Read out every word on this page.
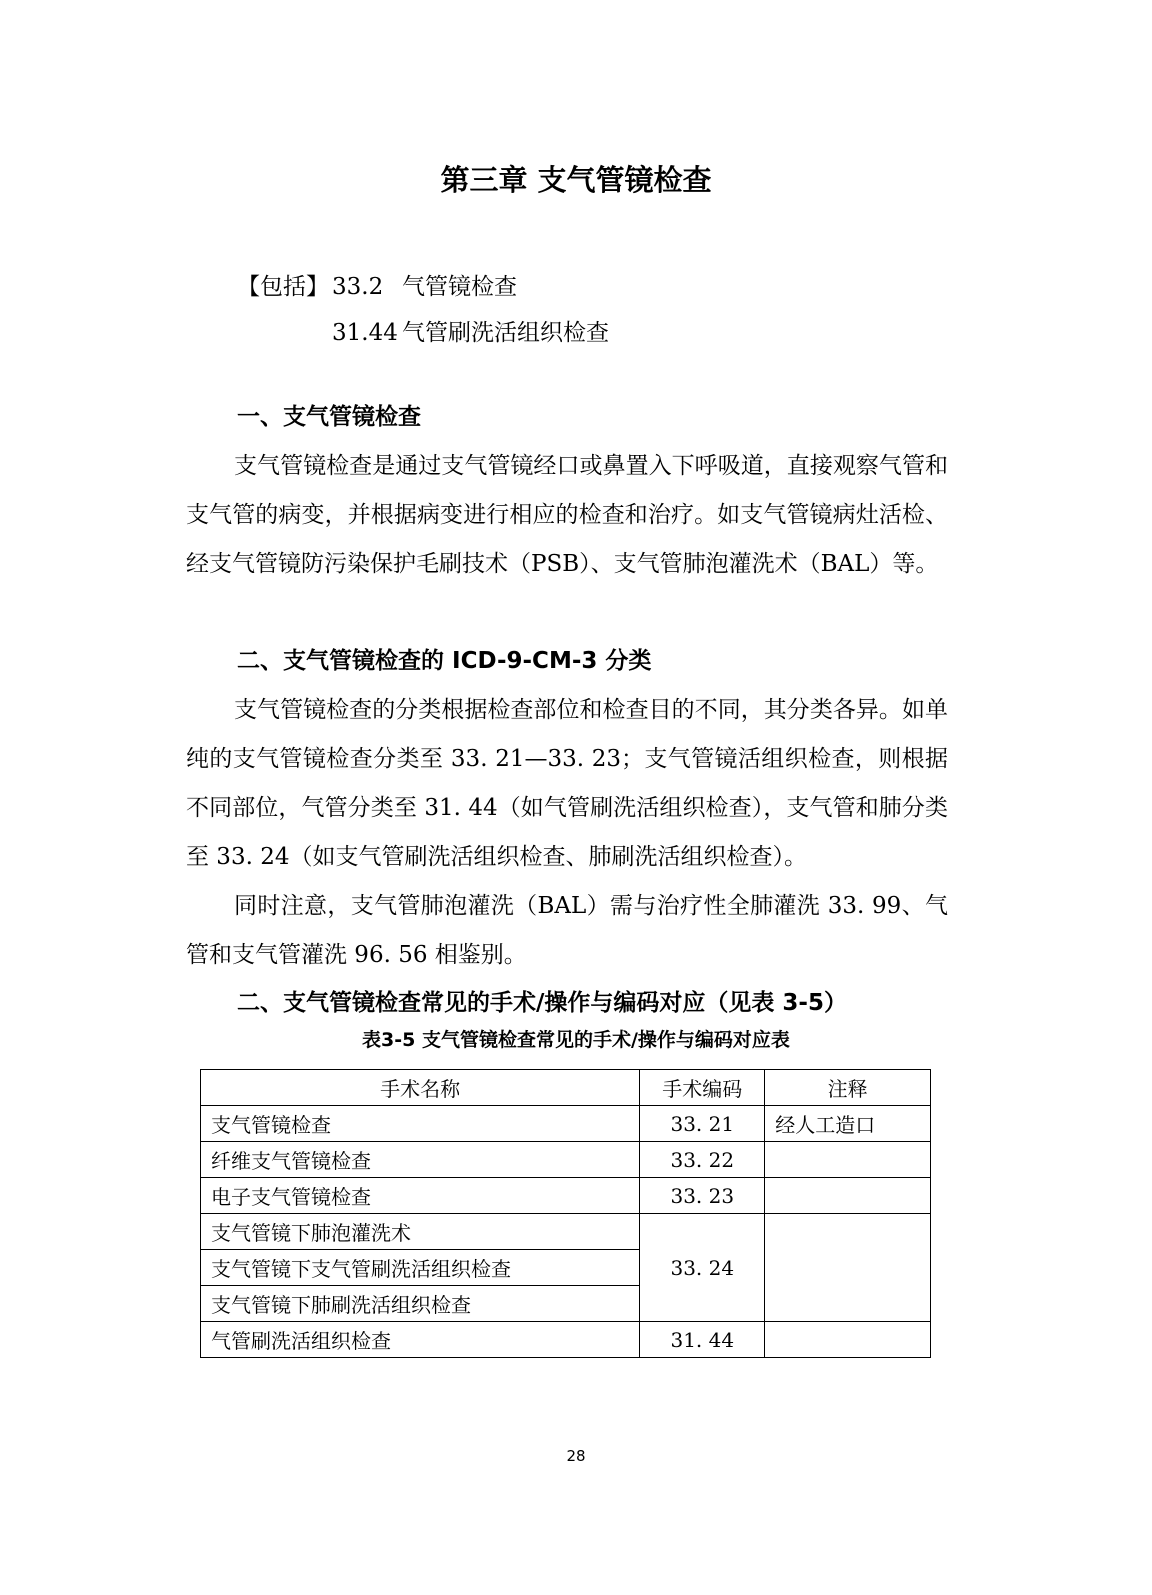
第三章 支气管镜检查
【包括】 33.2 气管镜检查
31.44 气管刷洗活组织检查
一、支气管镜检查

支气管镜检查是通过支气管镜经口或鼻置入下呼吸道，直接观察气管和支气管的病变，并根据病变进行相应的检查和治疗。如支气管镜病灶活检、经支气管镜防污染保护毛刷技术（PSB）、支气管肺泡灌洗术（BAL）等。

二、支气管镜检查的 ICD-9-CM-3 分类

支气管镜检查的分类根据检查部位和检查目的不同，其分类各异。如单纯的支气管镜检查分类至 33. 21—33. 23；支气管镜活组织检查，则根据不同部位，气管分类至 31. 44（如气管刷洗活组织检查），支气管和肺分类至 33. 24（如支气管刷洗活组织检查、肺刷洗活组织检查）。

同时注意，支气管肺泡灌洗（BAL）需与治疗性全肺灌洗 33. 99、气管和支气管灌洗 96. 56 相鉴别。

二、支气管镜检查常见的手术/操作与编码对应（见表 3-5）
表3-5 支气管镜检查常见的手术/操作与编码对应表
手术名称	手术编码	注释
支气管镜检查	33. 21	经人工造口
纤维支气管镜检查	33. 22	
电子支气管镜检查	33. 23	
支气管镜下肺泡灌洗术	33. 24	
支气管镜下支气管刷洗活组织检查		
支气管镜下肺刷洗活组织检查		
气管刷洗活组织检查	31. 44	
28
